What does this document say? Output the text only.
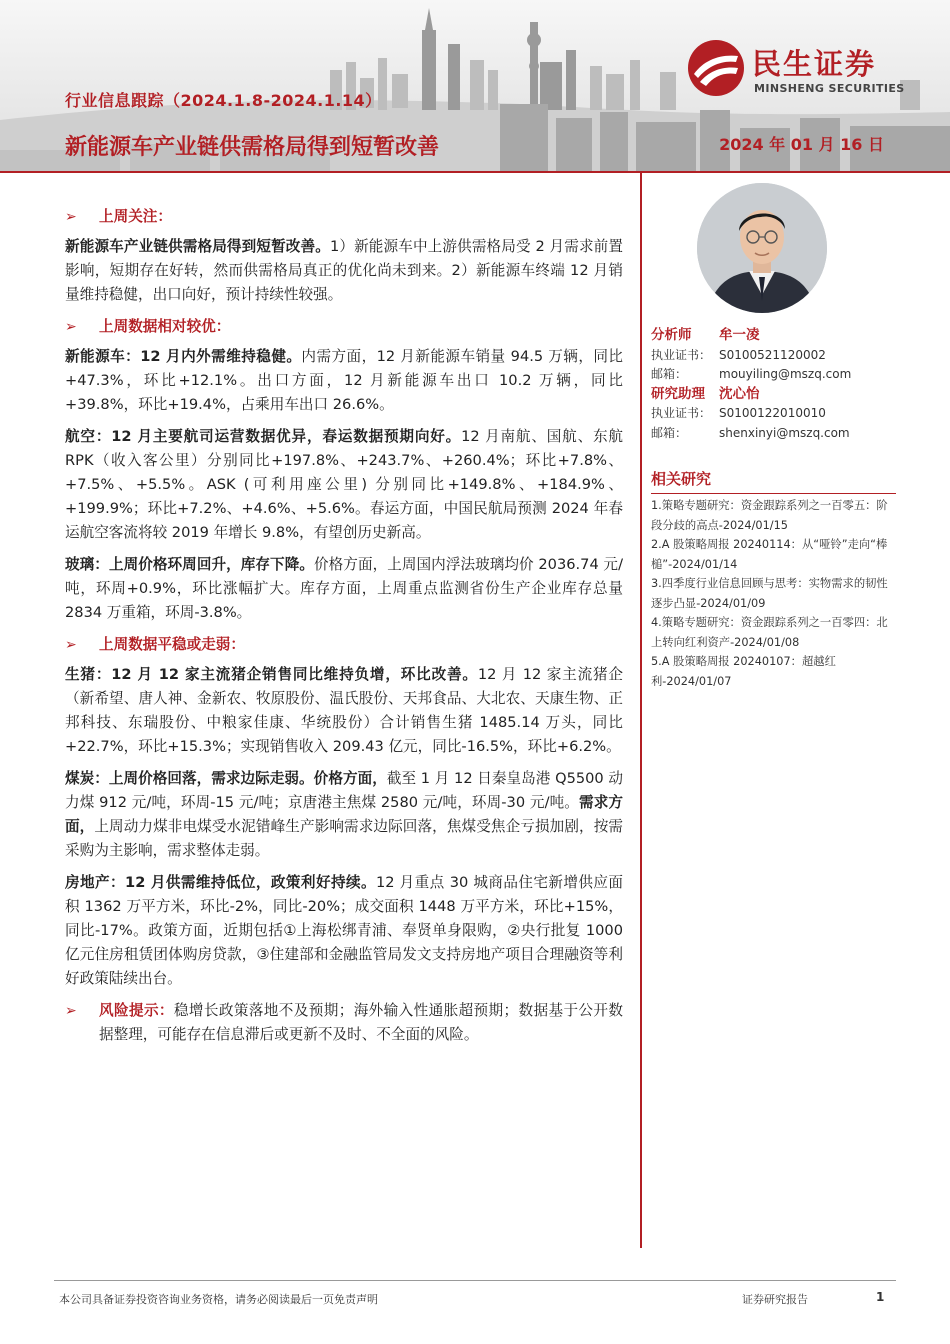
行业信息跟踪（2024.1.8-2024.1.14）
新能源车产业链供需格局得到短暂改善	2024 年 01 月 16 日
民生证券
MINSHENG SECURITIES
➢	上周关注：

新能源车产业链供需格局得到短暂改善。1）新能源车中上游供需格局受 2 月需求前置影响，短期存在好转，然而供需格局真正的优化尚未到来。2）新能源车终端 12 月销量维持稳健，出口向好，预计持续性较强。

➢	上周数据相对较优：

新能源车：12 月内外需维持稳健。内需方面，12 月新能源车销量 94.5 万辆，同比+47.3%，环比+12.1%。出口方面，12 月新能源车出口 10.2 万辆，同比+39.8%，环比+19.4%，占乘用车出口 26.6%。

航空：12 月主要航司运营数据优异，春运数据预期向好。12 月南航、国航、东航 RPK（收入客公里）分别同比+197.8%、+243.7%、+260.4%；环比+7.8%、+7.5%、+5.5%。ASK (可利用座公里) 分别同比+149.8%、+184.9%、+199.9%；环比+7.2%、+4.6%、+5.6%。春运方面，中国民航局预测 2024 年春运航空客流将较 2019 年增长 9.8%，有望创历史新高。

玻璃：上周价格环周回升，库存下降。价格方面，上周国内浮法玻璃均价 2036.74 元/吨，环周+0.9%，环比涨幅扩大。库存方面，上周重点监测省份生产企业库存总量 2834 万重箱，环周-3.8%。

➢	上周数据平稳或走弱：

生猪：12 月 12 家主流猪企销售同比维持负增，环比改善。12 月 12 家主流猪企（新希望、唐人神、金新农、牧原股份、温氏股份、天邦食品、大北农、天康生物、正邦科技、东瑞股份、中粮家佳康、华统股份）合计销售生猪 1485.14 万头，同比+22.7%，环比+15.3%；实现销售收入 209.43 亿元，同比-16.5%，环比+6.2%。

煤炭：上周价格回落，需求边际走弱。价格方面，截至 1 月 12 日秦皇岛港 Q5500 动力煤 912 元/吨，环周-15 元/吨；京唐港主焦煤 2580 元/吨，环周-30 元/吨。需求方面，上周动力煤非电煤受水泥错峰生产影响需求边际回落，焦煤受焦企亏损加剧，按需采购为主影响，需求整体走弱。

房地产：12 月供需维持低位，政策利好持续。12 月重点 30 城商品住宅新增供应面积 1362 万平方米，环比-2%，同比-20%；成交面积 1448 万平方米，环比+15%，同比-17%。政策方面，近期包括①上海松绑青浦、奉贤单身限购，②央行批复 1000 亿元住房租赁团体购房贷款，③住建部和金融监管局发文支持房地产项目合理融资等利好政策陆续出台。

➢	风险提示：稳增长政策落地不及预期；海外输入性通胀超预期；数据基于公开数据整理，可能存在信息滞后或更新不及时、不全面的风险。

分析师	牟一凌
执业证书： S0100521120002
邮箱：	mouyiling@mszq.com
研究助理	沈心怡
执业证书： S0100122010010
邮箱：	shenxinyi@mszq.com
相关研究
1.策略专题研究：资金跟踪系列之一百零五：阶段分歧的高点-2024/01/15
2.A 股策略周报 20240114：从“哑铃”走向“棒槌”-2024/01/14
3.四季度行业信息回顾与思考：实物需求的韧性逐步凸显-2024/01/09
4.策略专题研究：资金跟踪系列之一百零四：北上转向红利资产-2024/01/08
5.A 股策略周报 20240107：超越红利-2024/01/07
本公司具备证券投资咨询业务资格，请务必阅读最后一页免责声明	证券研究报告	1
